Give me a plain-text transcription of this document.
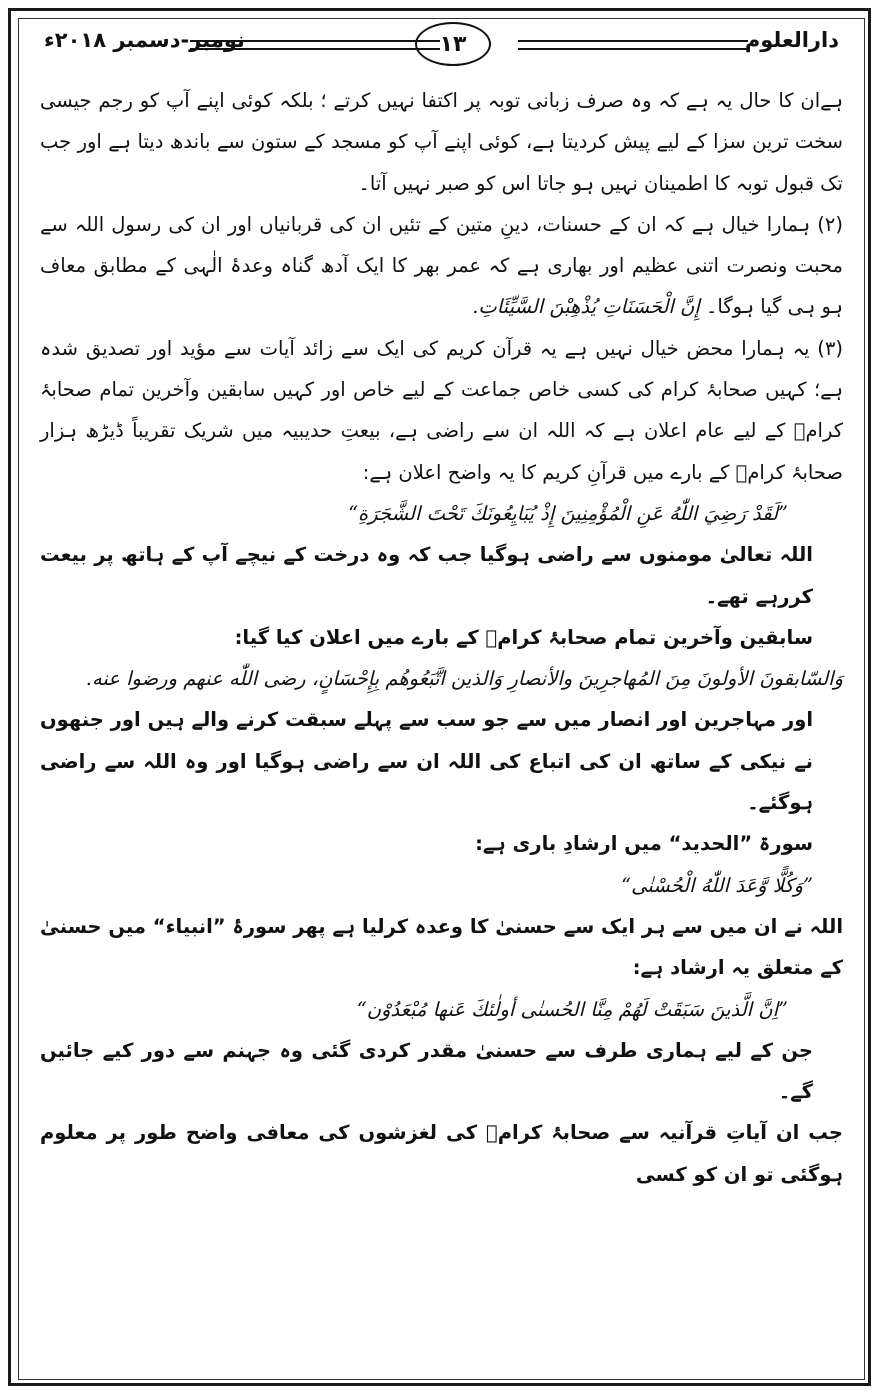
دارالعلوم
١٣
نومبر-دسمبر ۲۰۱۸ء

ہےان کا حال یہ ہے کہ وہ صرف زبانی توبہ پر اکتفا نہیں کرتے ؛ بلکہ کوئی اپنے آپ کو رجم جیسی سخت ترین سزا کے لیے پیش کردیتا ہے، کوئی اپنے آپ کو مسجد کے ستون سے باندھ دیتا ہے اور جب تک قبول توبہ کا اطمینان نہیں ہو جاتا اس کو صبر نہیں آتا۔

(۲) ہمارا خیال ہے کہ ان کے حسنات، دینِ متین کے تئیں ان کی قربانیاں اور ان کی رسول اللہ سے محبت ونصرت اتنی عظیم اور بھاری ہے کہ عمر بھر کا ایک آدھ گناہ وعدۂ الٰہی کے مطابق معاف ہو ہی گیا ہوگا۔ إِنَّ الْحَسَنَاتِ يُذْهِبْنَ السَّيِّئَاتِ.

(۳) یہ ہمارا محض خیال نہیں ہے یہ قرآن کریم کی ایک سے زائد آیات سے مؤید اور تصدیق شدہ ہے؛ کہیں صحابۂ کرام کی کسی خاص جماعت کے لیے خاص اور کہیں سابقین وآخرین تمام صحابۂ کرامؓ کے لیے عام اعلان ہے کہ اللہ ان سے راضی ہے، بیعتِ حدیبیہ میں شریک تقریباً ڈیڑھ ہزار صحابۂ کرامؓ کے بارے میں قرآنِ کریم کا یہ واضح اعلان ہے:

”لَقَدْ رَضِيَ اللّٰهُ عَنِ الْمُؤْمِنِينَ إِذْ يُبَايِعُونَكَ تَحْتَ الشَّجَرَةِ“

اللہ تعالیٰ مومنوں سے راضی ہوگیا جب کہ وہ درخت کے نیچے آپ کے ہاتھ پر بیعت کررہے تھے۔

سابقین وآخرین تمام صحابۂ کرامؓ کے بارے میں اعلان کیا گیا:

وَالسّابقونَ الأولونَ مِنَ المُهاجرِينَ والأنصارِ وَالذين اتَّبَعُوهُم بِإِحْسَانٍ، رضى اللّٰه عنهم ورضوا عنه.

اور مہاجرین اور انصار میں سے جو سب سے پہلے سبقت کرنے والے ہیں اور جنھوں نے نیکی کے ساتھ ان کی اتباع کی اللہ ان سے راضی ہوگیا اور وہ اللہ سے راضی ہوگئے۔

سورۃ ”الحدید“ میں ارشادِ باری ہے:

”وَكُلًّا وَّعَدَ اللّٰهُ الْحُسْنٰى“

اللہ نے ان میں سے ہر ایک سے حسنیٰ کا وعدہ کرلیا ہے پھر سورۂ ”انبیاء“ میں حسنیٰ کے متعلق یہ ارشاد ہے:

”اِنَّ الَّذينَ سَبَقَتْ لَهُمْ مِنَّا الحُسنٰى أولٰئكَ عَنها مُبْعَدُوْن“

جن کے لیے ہماری طرف سے حسنیٰ مقدر کردی گئی وہ جہنم سے دور کیے جائیں گے۔

جب ان آیاتِ قرآنیہ سے صحابۂ کرامؓ کی لغزشوں کی معافی واضح طور پر معلوم ہوگئی تو ان کو کسی
